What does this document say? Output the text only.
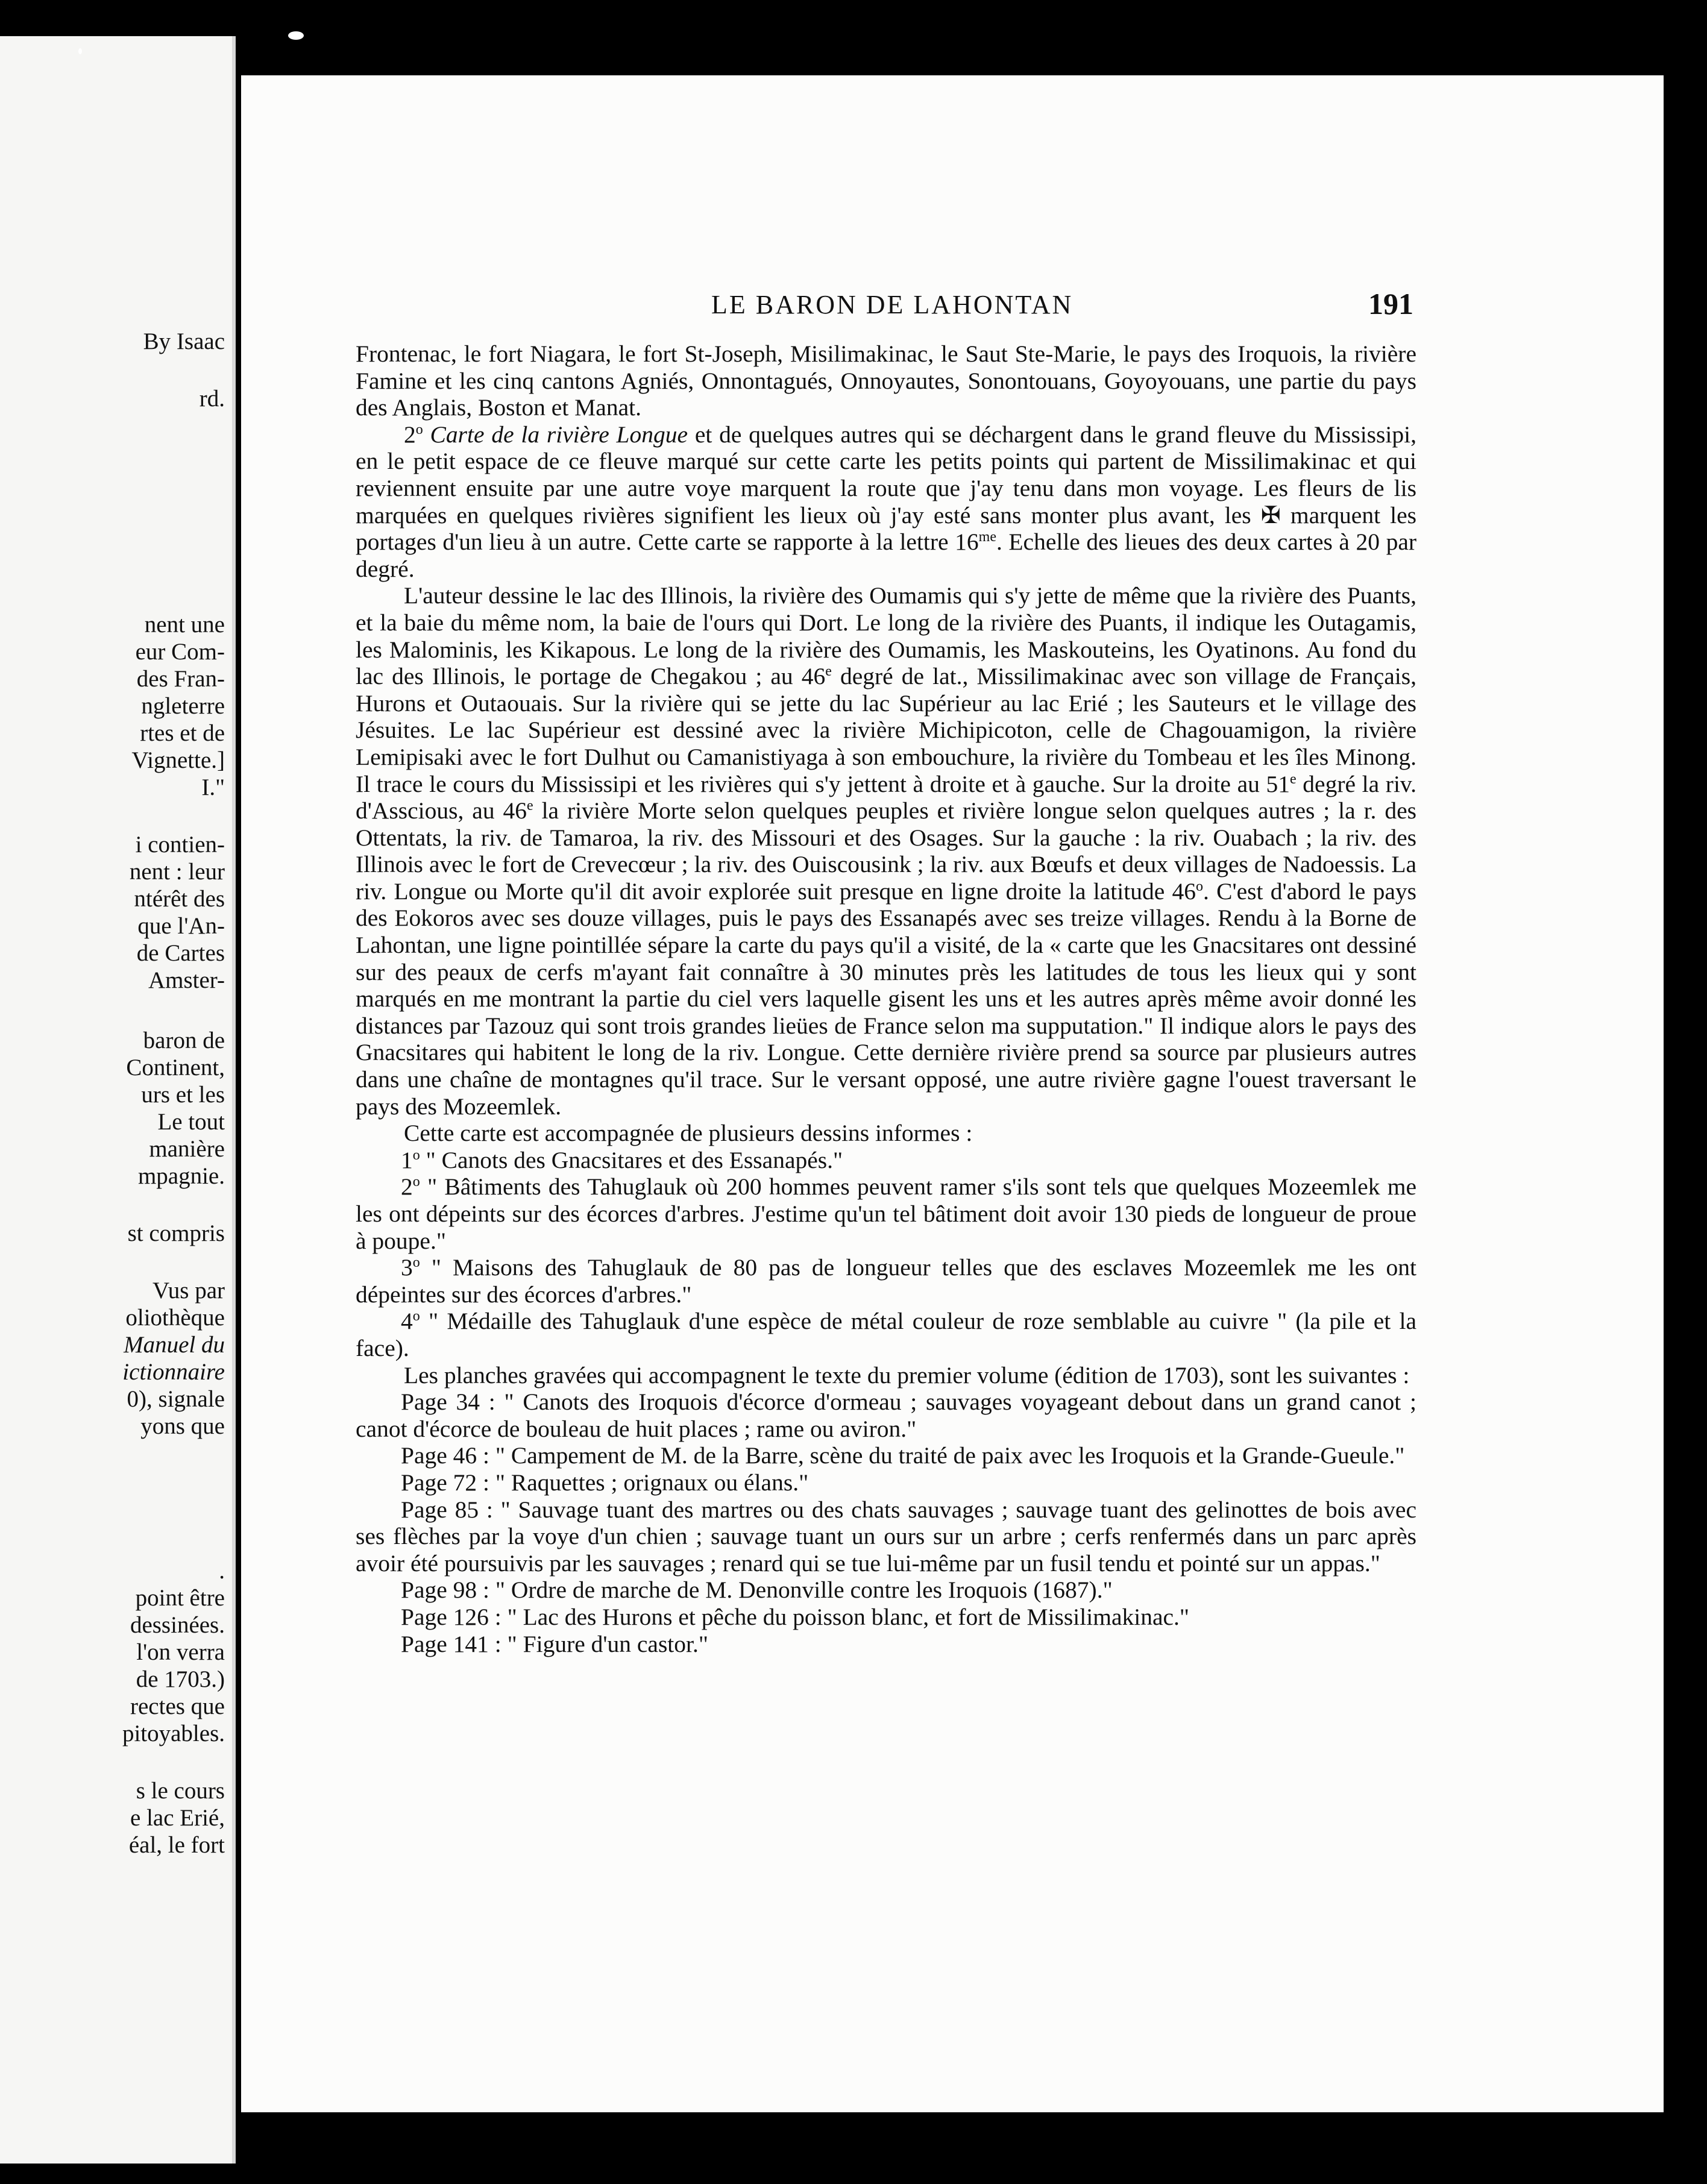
By Isaac
rd.
nent une
eur Com-
des Fran-
ngleterre
rtes et de
Vignette.]
I."
i contien-
nent : leur
ntérêt des
que l'An-
de Cartes
Amster-
baron de
Continent,
urs et les
Le tout
manière
mpagnie.
st compris
Vus par
oliothèque
Manuel du
ictionnaire
0), signale
yons que
.
point être
dessinées.
l'on verra
de 1703.)
rectes que
pitoyables.
s le cours
e lac Erié,
éal, le fort
LE BARON DE LAHONTAN	191

Frontenac, le fort Niagara, le fort St-Joseph, Misilimakinac, le Saut Ste-Marie, le pays des Iroquois, la rivière Famine et les cinq cantons Agniés, Onnontagués, Onnoyautes, Sonontouans, Goyoyouans, une partie du pays des Anglais, Boston et Manat.

2$^o$ Carte de la rivière Longue et de quelques autres qui se déchargent dans le grand fleuve du Mississipi, en le petit espace de ce fleuve marqué sur cette carte les petits points qui partent de Missilimakinac et qui reviennent ensuite par une autre voye marquent la route que j'ay tenu dans mon voyage. Les fleurs de lis marquées en quelques rivières signifient les lieux où j'ay esté sans monter plus avant, les ✠ marquent les portages d'un lieu à un autre. Cette carte se rapporte à la lettre $16^{me}$. Echelle des lieues des deux cartes à 20 par degré.

L'auteur dessine le lac des Illinois, la rivière des Oumamis qui s'y jette de même que la rivière des Puants, et la baie du même nom, la baie de l'ours qui Dort. Le long de la rivière des Puants, il indique les Outagamis, les Malominis, les Kikapous. Le long de la rivière des Oumamis, les Maskouteins, les Oyatinons. Au fond du lac des Illinois, le portage de Chegakou ; au 46e degré de lat., Missilimakinac avec son village de Français, Hurons et Outaouais. Sur la rivière qui se jette du lac Supérieur au lac Erié ; les Sauteurs et le village des Jésuites. Le lac Supérieur est dessiné avec la rivière Michipicoton, celle de Chagouamigon, la rivière Lemipisaki avec le fort Dulhut ou Camanistiyaga à son embouchure, la rivière du Tombeau et les îles Minong. Il trace le cours du Mississipi et les rivières qui s'y jettent à droite et à gauche. Sur la droite au 51e degré la riv. d'Asscious, au 46e la rivière Morte selon quelques peuples et rivière longue selon quelques autres ; la r. des Ottentats, la riv. de Tamaroa, la riv. des Missouri et des Osages. Sur la gauche : la riv. Ouabach ; la riv. des Illinois avec le fort de Crevecœur ; la riv. des Ouiscousink ; la riv. aux Bœufs et deux villages de Nadoessis. La riv. Longue ou Morte qu'il dit avoir explorée suit presque en ligne droite la latitude 46$^o$. C'est d'abord le pays des Eokoros avec ses douze villages, puis le pays des Essanapés avec ses treize villages. Rendu à la Borne de Lahontan, une ligne pointillée sépare la carte du pays qu'il a visité, de la « carte que les Gnacsitares ont dessiné sur des peaux de cerfs m'ayant fait connaître à 30 minutes près les latitudes de tous les lieux qui y sont marqués en me montrant la partie du ciel vers laquelle gisent les uns et les autres après même avoir donné les distances par Tazouz qui sont trois grandes lieües de France selon ma supputation." Il indique alors le pays des Gnacsitares qui habitent le long de la riv. Longue. Cette dernière rivière prend sa source par plusieurs autres dans une chaîne de montagnes qu'il trace. Sur le versant opposé, une autre rivière gagne l'ouest traversant le pays des Mozeemlek.

Cette carte est accompagnée de plusieurs dessins informes :

1$^o$ " Canots des Gnacsitares et des Essanapés."

2$^o$ " Bâtiments des Tahuglauk où 200 hommes peuvent ramer s'ils sont tels que quelques Mozeemlek me les ont dépeints sur des écorces d'arbres. J'estime qu'un tel bâtiment doit avoir 130 pieds de longueur de proue à poupe."

3$^o$ " Maisons des Tahuglauk de 80 pas de longueur telles que des esclaves Mozeemlek me les ont dépeintes sur des écorces d'arbres."

4$^o$ " Médaille des Tahuglauk d'une espèce de métal couleur de roze semblable au cuivre " (la pile et la face).

Les planches gravées qui accompagnent le texte du premier volume (édition de 1703), sont les suivantes :

Page 34 : " Canots des Iroquois d'écorce d'ormeau ; sauvages voyageant debout dans un grand canot ; canot d'écorce de bouleau de huit places ; rame ou aviron."

Page 46 : " Campement de M. de la Barre, scène du traité de paix avec les Iroquois et la Grande-Gueule."

Page 72 : " Raquettes ; orignaux ou élans."

Page 85 : " Sauvage tuant des martres ou des chats sauvages ; sauvage tuant des gelinottes de bois avec ses flèches par la voye d'un chien ; sauvage tuant un ours sur un arbre ; cerfs renfermés dans un parc après avoir été poursuivis par les sauvages ; renard qui se tue lui-même par un fusil tendu et pointé sur un appas."

Page 98 : " Ordre de marche de M. Denonville contre les Iroquois (1687)."

Page 126 : " Lac des Hurons et pêche du poisson blanc, et fort de Missilimakinac."

Page 141 : " Figure d'un castor."
